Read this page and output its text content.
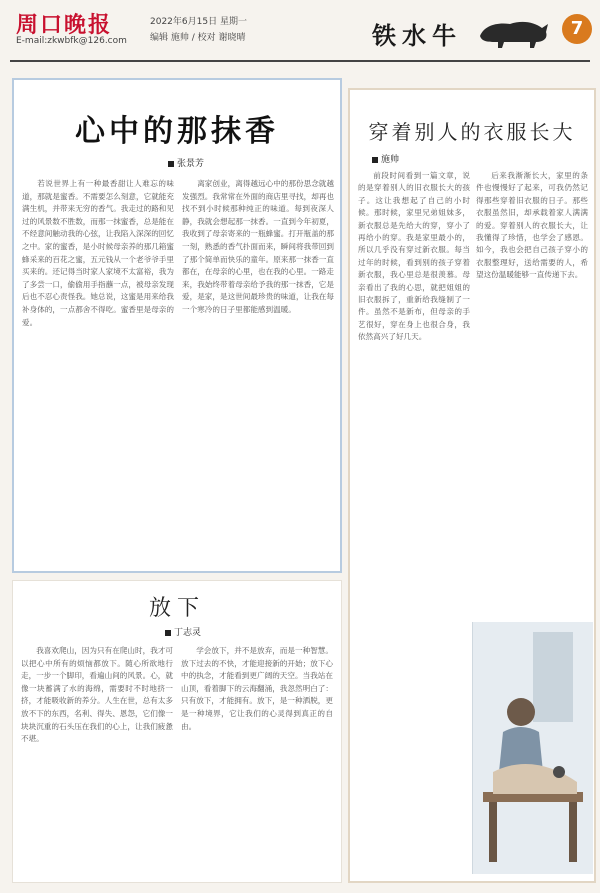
周口晚报
E-mail:zkwbfk@126.com
2022年6月15日 星期一
编辑 施帅 / 校对 谢晓晴	铁水牛	7
心中的那抹香
张景芳
若说世界上有一种最香甜让人难忘的味道，那就是蜜香。不需要怎么刻意，它就能充满生机，并带来无穷的香气。我走过的路和见过的风景数不胜数，而那一抹蜜香，总是能在不经意间触动我的心弦，让我陷入深深的回忆之中。家的蜜香，是小时候母亲养的那几箱蜜蜂采来的百花之蜜，五元钱从一个老爷爷手里买来的。还记得当时家人家境不太富裕，我为了多尝一口，偷偷用手指蘸一点，被母亲发现后也不忍心责怪我。她总说，这蜜是用来给我补身体的，一点都舍不得吃。蜜香里是母亲的爱。
离家创业，离得越远心中的那份思念就越发强烈。我常常在外面的商店里寻找，却再也找不到小时候那种纯正的味道。每到夜深人静，我就会想起那一抹香。一直到今年初夏，我收到了母亲寄来的一瓶蜂蜜。打开瓶盖的那一刻，熟悉的香气扑面而来，瞬间将我带回到了那个简单而快乐的童年。原来那一抹香一直都在，在母亲的心里，也在我的心里。一路走来，我始终带着母亲给予我的那一抹香，它是爱，是家，是这世间最珍贵的味道，让我在每一个寒冷的日子里都能感到温暖。
穿着别人的衣服长大
施帅
前段时间看到一篇文章，说的是穿着别人的旧衣服长大的孩子。这让我想起了自己的小时候。那时候，家里兄弟姐妹多，新衣服总是先给大的穿，穿小了再给小的穿。我是家里最小的，所以几乎没有穿过新衣服。每当过年的时候，看到别的孩子穿着新衣服，我心里总是很羡慕。母亲看出了我的心思，就把姐姐的旧衣服拆了，重新给我缝制了一件。虽然不是新布，但母亲的手艺很好，穿在身上也很合身，我依然高兴了好几天。
后来我渐渐长大，家里的条件也慢慢好了起来，可我仍然记得那些穿着旧衣服的日子。那些衣服虽然旧，却承载着家人满满的爱。穿着别人的衣服长大，让我懂得了珍惜，也学会了感恩。如今，我也会把自己孩子穿小的衣服整理好，送给需要的人，希望这份温暖能够一直传递下去。
放下
丁志灵
我喜欢爬山，因为只有在爬山时，我才可以把心中所有的烦恼都放下。随心所欲地行走，一步一个脚印，看遍山间的风景。心，就像一块蓄满了水的海绵，需要时不时地挤一挤，才能吸收新的养分。人生在世，总有太多放不下的东西，名利、得失、恩怨，它们像一块块沉重的石头压在我们的心上，让我们疲惫不堪。
学会放下，并不是放弃，而是一种智慧。放下过去的不快，才能迎接新的开始；放下心中的执念，才能看到更广阔的天空。当我站在山顶，看着脚下的云海翻涌，我忽然明白了：只有放下，才能拥有。放下，是一种洒脱，更是一种境界，它让我们的心灵得到真正的自由。
